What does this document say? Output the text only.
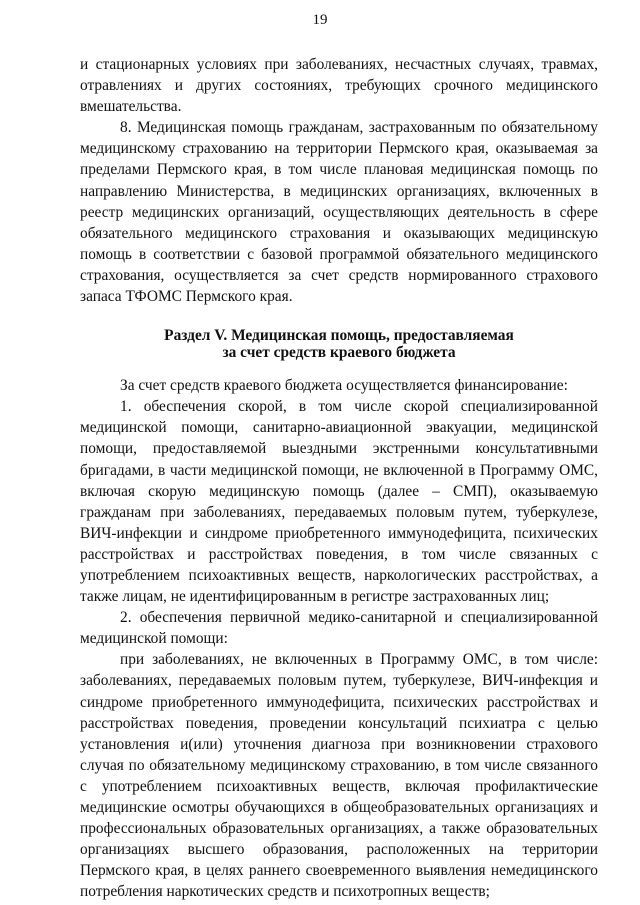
19

и стационарных условиях при заболеваниях, несчастных случаях, травмах, отравлениях и других состояниях, требующих срочного медицинского вмешательства.

8. Медицинская помощь гражданам, застрахованным по обязательному медицинскому страхованию на территории Пермского края, оказываемая за пределами Пермского края, в том числе плановая медицинская помощь по направлению Министерства, в медицинских организациях, включенных в реестр медицинских организаций, осуществляющих деятельность в сфере обязательного медицинского страхования и оказывающих медицинскую помощь в соответствии с базовой программой обязательного медицинского страхования, осуществляется за счет средств нормированного страхового запаса ТФОМС Пермского края.

Раздел V. Медицинская помощь, предоставляемая
за счет средств краевого бюджета

За счет средств краевого бюджета осуществляется финансирование:

1. обеспечения скорой, в том числе скорой специализированной медицинской помощи, санитарно-авиационной эвакуации, медицинской помощи, предоставляемой выездными экстренными консультативными бригадами, в части медицинской помощи, не включенной в Программу ОМС, включая скорую медицинскую помощь (далее – СМП), оказываемую гражданам при заболеваниях, передаваемых половым путем, туберкулезе, ВИЧ-инфекции и синдроме приобретенного иммунодефицита, психических расстройствах и расстройствах поведения, в том числе связанных с употреблением психоактивных веществ, наркологических расстройствах, а также лицам, не идентифицированным в регистре застрахованных лиц;

2. обеспечения первичной медико-санитарной и специализированной медицинской помощи:

при заболеваниях, не включенных в Программу ОМС, в том числе: заболеваниях, передаваемых половым путем, туберкулезе, ВИЧ-инфекция и синдроме приобретенного иммунодефицита, психических расстройствах и расстройствах поведения, проведении консультаций психиатра с целью установления и(или) уточнения диагноза при возникновении страхового случая по обязательному медицинскому страхованию, в том числе связанного с употреблением психоактивных веществ, включая профилактические медицинские осмотры обучающихся в общеобразовательных организациях и профессиональных образовательных организациях, а также образовательных организациях высшего образования, расположенных на территории Пермского края, в целях раннего своевременного выявления немедицинского потребления наркотических средств и психотропных веществ;
